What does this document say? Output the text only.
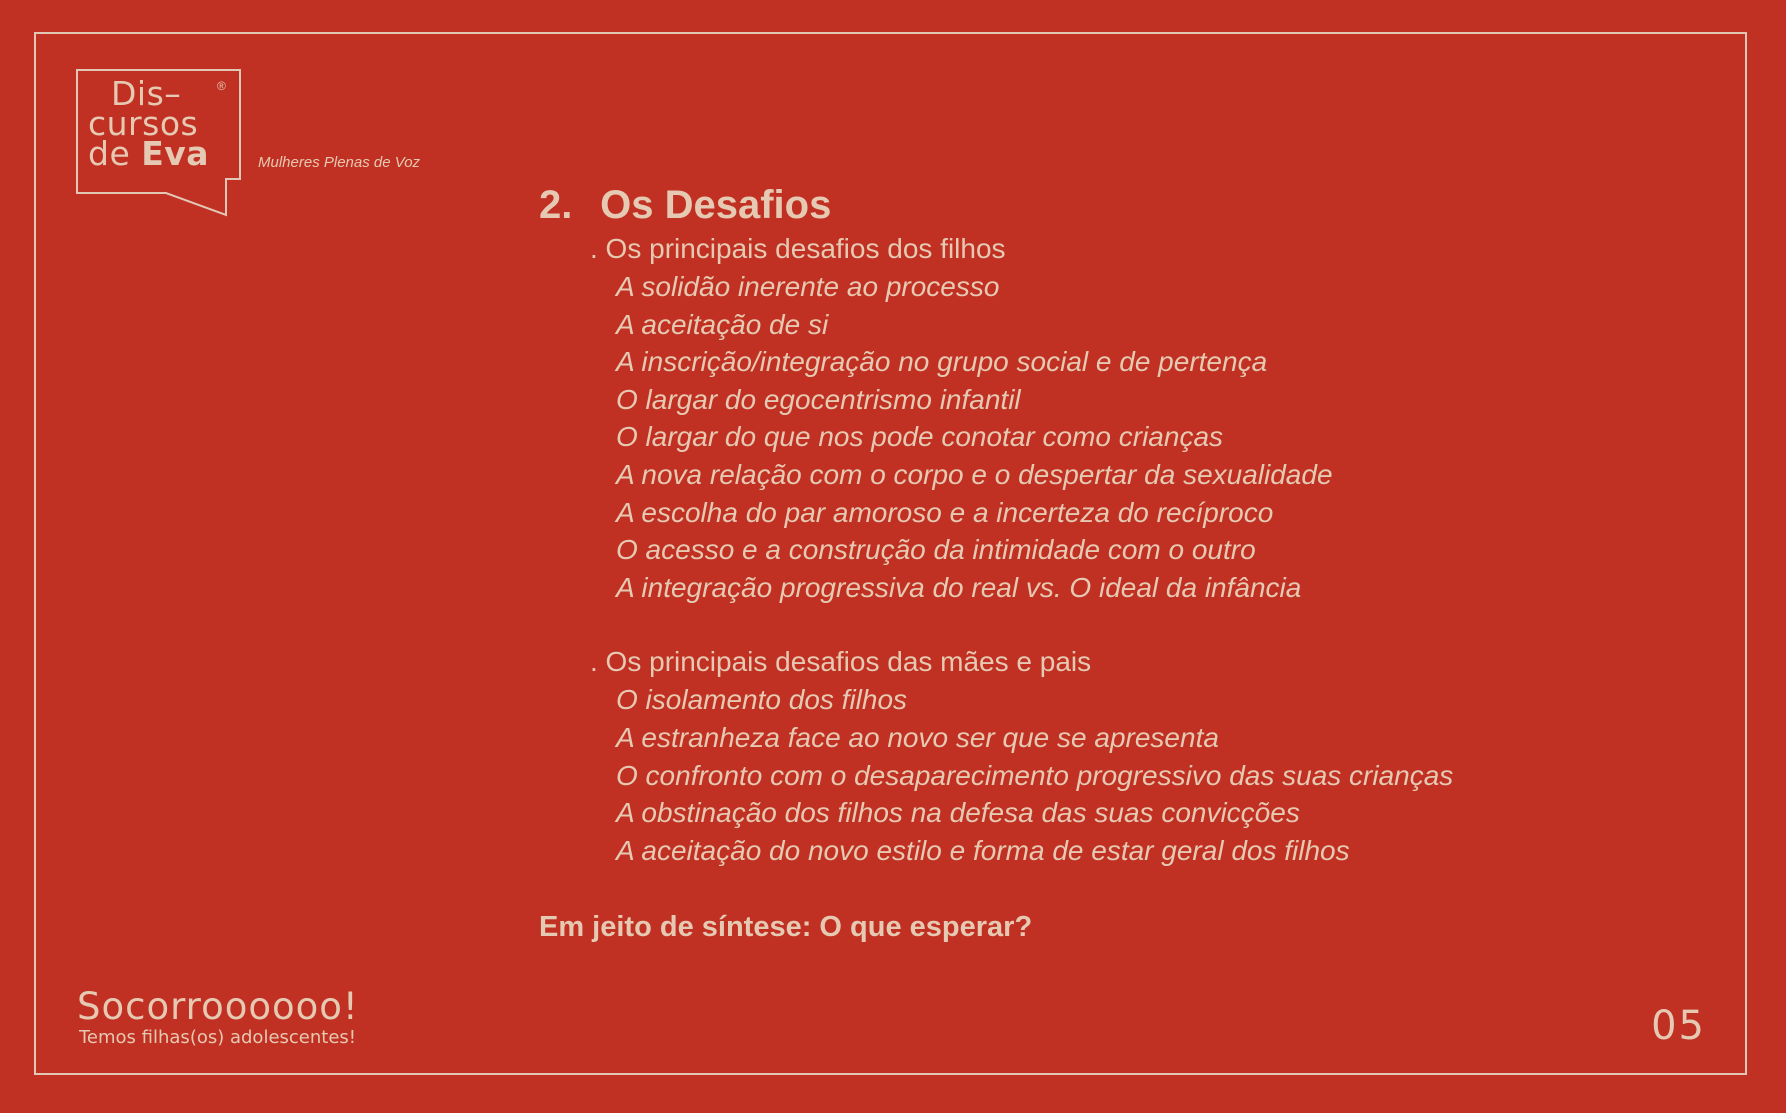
Dis–
cursos
de Eva
®
Mulheres Plenas de Voz
2. Os Desafios
. Os principais desafios dos filhos
A solidão inerente ao processo
A aceitação de si
A inscrição/integração no grupo social e de pertença
O largar do egocentrismo infantil
O largar do que nos pode conotar como crianças
A nova relação com o corpo e o despertar da sexualidade
A escolha do par amoroso e a incerteza do recíproco
O acesso e a construção da intimidade com o outro
A integração progressiva do real vs. O ideal da infância
. Os principais desafios das mães e pais
O isolamento dos filhos
A estranheza face ao novo ser que se apresenta
O confronto com o desaparecimento progressivo das suas crianças
A obstinação dos filhos na defesa das suas convicções
A aceitação do novo estilo e forma de estar geral dos filhos
Em jeito de síntese: O que esperar?
Socorroooooo!
Temos filhas(os) adolescentes!	05
